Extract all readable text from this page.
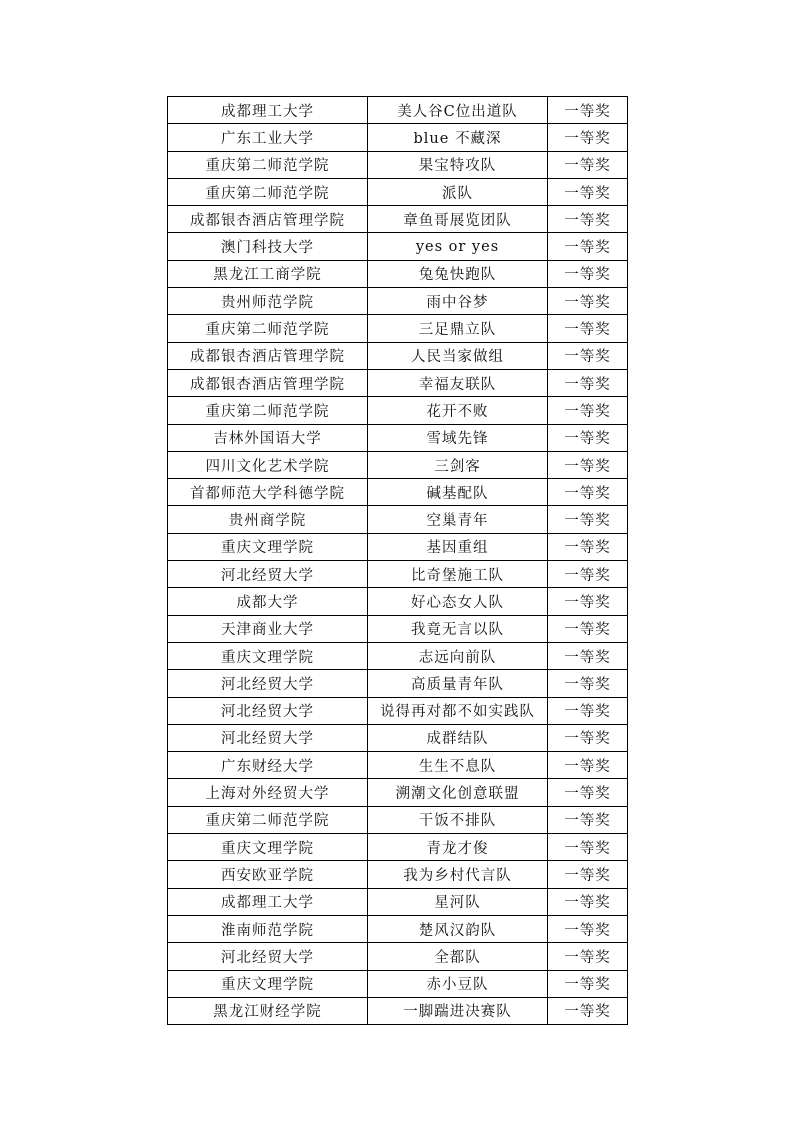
成都理工大学	美人谷C位出道队	一等奖
广东工业大学	blue 不藏深	一等奖
重庆第二师范学院	果宝特攻队	一等奖
重庆第二师范学院	派队	一等奖
成都银杏酒店管理学院	章鱼哥展览团队	一等奖
澳门科技大学	yes or yes	一等奖
黑龙江工商学院	兔兔快跑队	一等奖
贵州师范学院	雨中谷梦	一等奖
重庆第二师范学院	三足鼎立队	一等奖
成都银杏酒店管理学院	人民当家做组	一等奖
成都银杏酒店管理学院	幸福友联队	一等奖
重庆第二师范学院	花开不败	一等奖
吉林外国语大学	雪域先锋	一等奖
四川文化艺术学院	三剑客	一等奖
首都师范大学科德学院	碱基配队	一等奖
贵州商学院	空巢青年	一等奖
重庆文理学院	基因重组	一等奖
河北经贸大学	比奇堡施工队	一等奖
成都大学	好心态女人队	一等奖
天津商业大学	我竟无言以队	一等奖
重庆文理学院	志远向前队	一等奖
河北经贸大学	高质量青年队	一等奖
河北经贸大学	说得再对都不如实践队	一等奖
河北经贸大学	成群结队	一等奖
广东财经大学	生生不息队	一等奖
上海对外经贸大学	溯潮文化创意联盟	一等奖
重庆第二师范学院	干饭不排队	一等奖
重庆文理学院	青龙才俊	一等奖
西安欧亚学院	我为乡村代言队	一等奖
成都理工大学	星河队	一等奖
淮南师范学院	楚风汉韵队	一等奖
河北经贸大学	全都队	一等奖
重庆文理学院	赤小豆队	一等奖
黑龙江财经学院	一脚踹进决赛队	一等奖
